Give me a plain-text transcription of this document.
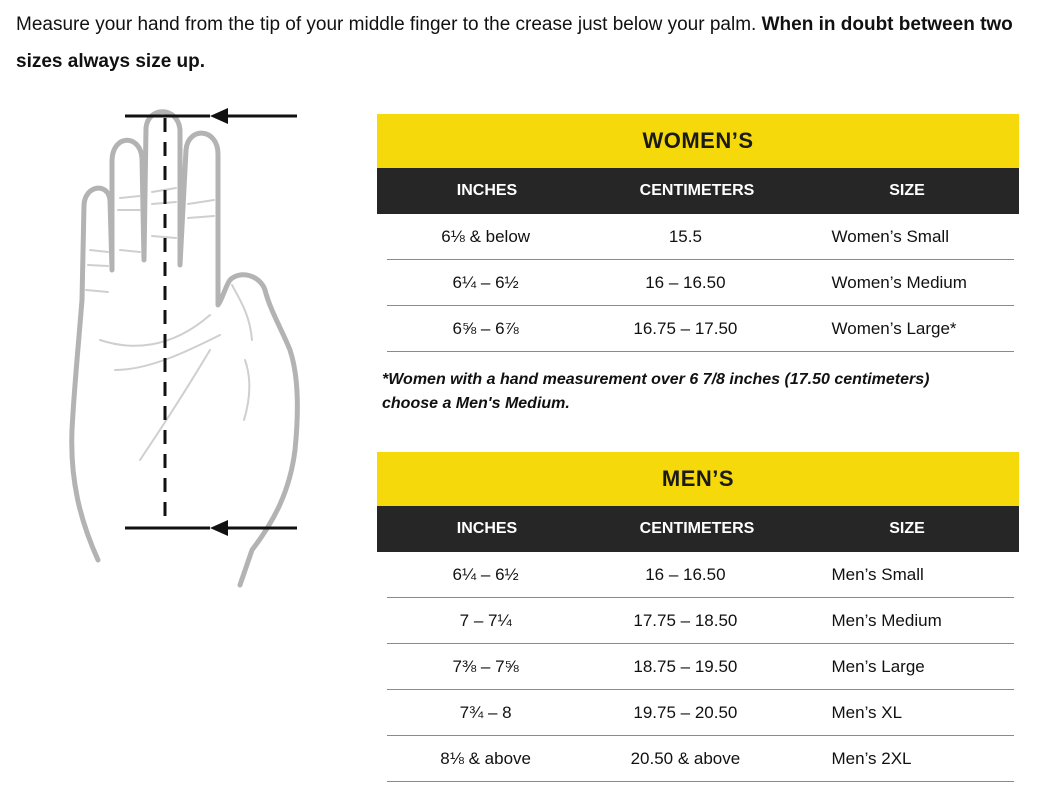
Measure your hand from the tip of your middle finger to the crease just below your palm. When in doubt between two sizes always size up.

WOMEN’S
INCHES	CENTIMETERS	SIZE
6⅛ & below	15.5	Women’s Small
6¼ – 6½	16 – 16.50	Women’s Medium
6⅝ – 6⅞	16.75 – 17.50	Women’s Large*

*Women with a hand measurement over 6 7/8 inches (17.50 centimeters) choose a Men's Medium.

MEN’S
INCHES	CENTIMETERS	SIZE
6¼ – 6½	16 – 16.50	Men’s Small
7 – 7¼	17.75 – 18.50	Men’s Medium
7⅜ – 7⅝	18.75 – 19.50	Men’s Large
7¾ – 8	19.75 – 20.50	Men’s XL
8⅛ & above	20.50 & above	Men’s 2XL
